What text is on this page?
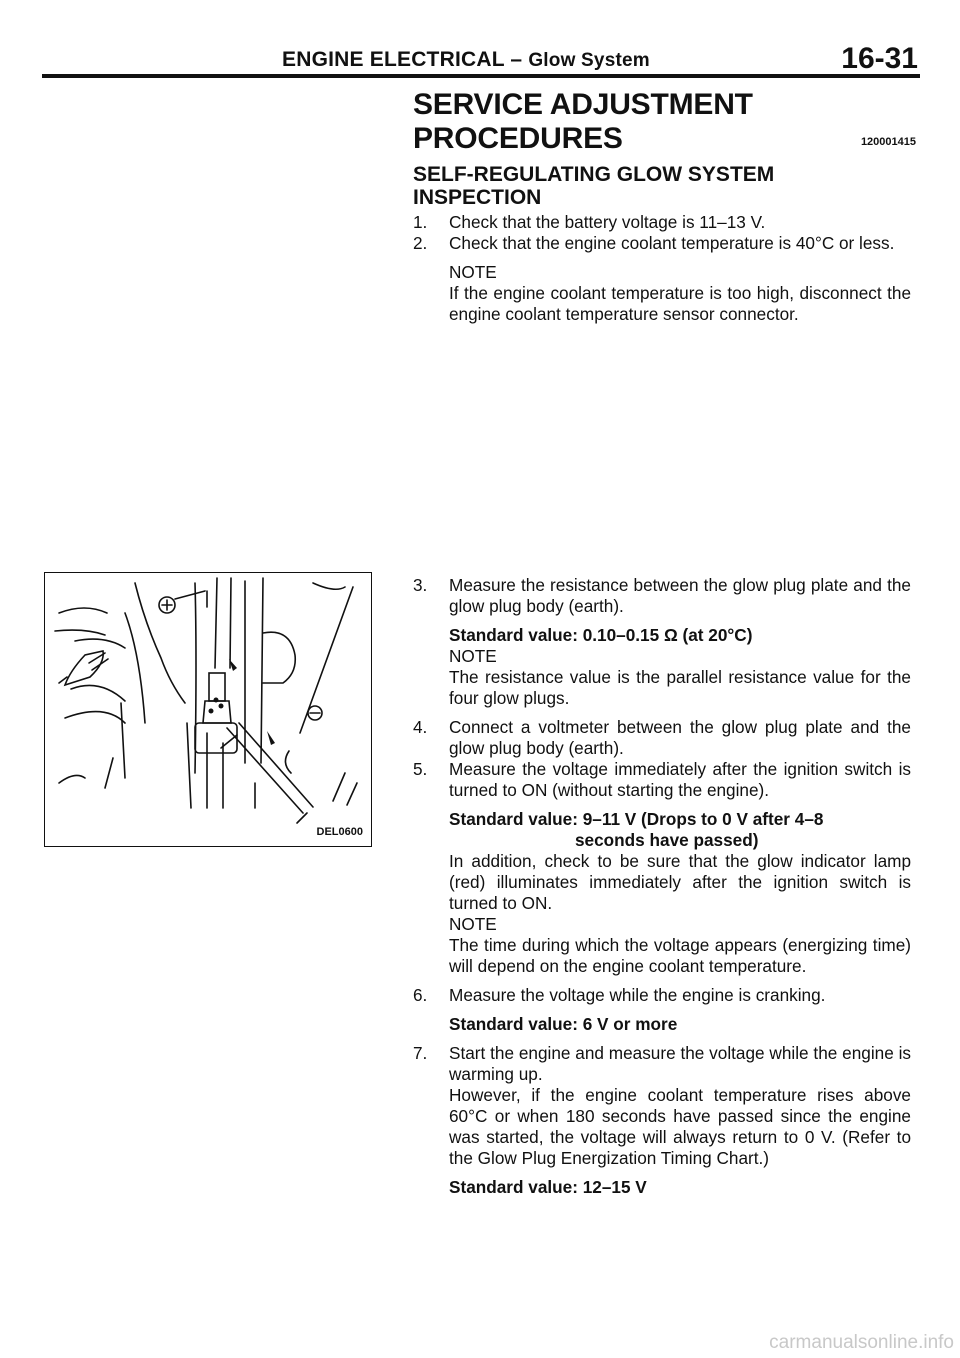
ENGINE ELECTRICAL – Glow System	16-31
SERVICE ADJUSTMENT PROCEDURES	120001415
SELF-REGULATING GLOW SYSTEM
INSPECTION
1. Check that the battery voltage is 11–13 V.

2. Check that the engine coolant temperature is 40°C or less.

NOTE

If the engine coolant temperature is too high, disconnect the engine coolant temperature sensor connector.

DEL0600
3. Measure the resistance between the glow plug plate and the glow plug body (earth).

Standard value: 0.10–0.15 Ω (at 20°C)

NOTE

The resistance value is the parallel resistance value for the four glow plugs.

4. Connect a voltmeter between the glow plug plate and the glow plug body (earth).

5. Measure the voltage immediately after the ignition switch is turned to ON (without starting the engine).

Standard value: 9–11 V (Drops to 0 V after 4–8

seconds have passed)

In addition, check to be sure that the glow indicator lamp (red) illuminates immediately after the ignition switch is turned to ON.

NOTE

The time during which the voltage appears (energizing time) will depend on the engine coolant temperature.

6. Measure the voltage while the engine is cranking.

Standard value: 6 V or more

7. Start the engine and measure the voltage while the engine is warming up.

However, if the engine coolant temperature rises above 60°C or when 180 seconds have passed since the engine was started, the voltage will always return to 0 V. (Refer to the Glow Plug Energization Timing Chart.)

Standard value: 12–15 V

carmanualsonline.info
